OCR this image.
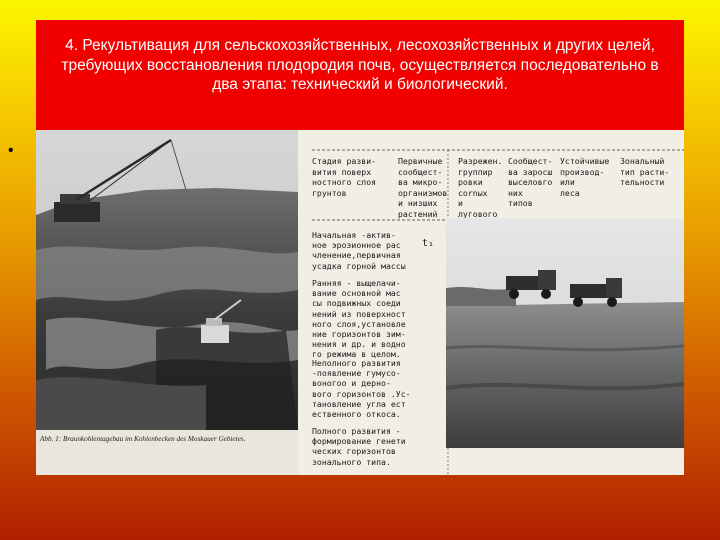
4. Рекультивация для сельскохозяйственных, лесохозяйственных и других целей, требующих восстановления плодородия почв, осуществляется последовательно в два этапа: технический и биологический.

•
Abb. 1: Braunkohlentagebau im Kohlenbecken des Moskauer Gebietes.
Стадия разви-
вития поверх
ностного слоя
грунтов
Первичные
сообщест-
ва микро-
организмов
и низших
растений
Разрежен.
группир
ровки
соrnых
и
лугового

Сообщест-
ва заросш
выселовго
них
типов
Устойчивые
производ-
или
леса
Зональный
тип расти-
тельности
Начальная -актив-
ное эрозионное рас
членение,первичная
усадка горной массы
Ранняя - выщелачи-
вание основной мас
сы подвижных соеди
нений из поверхност
ного слоя,установле
ние горизонтов зим-
нения и др. и водно
го режима в целом.
Неполного развития
-появление гумусо-
воногоо и дерно-
вого горизонтов .Ус-
тановление угла ест
ественного откоса.
Полного развития -
формирование генети
ческих горизонтов
зонального типа.
t₁
